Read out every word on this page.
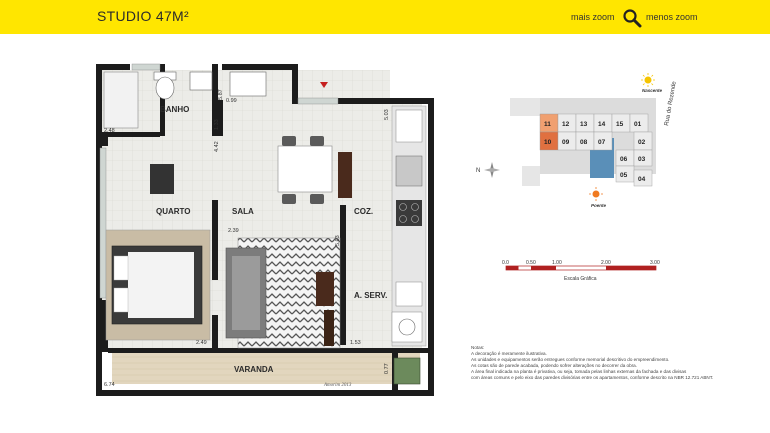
STUDIO 47M²	mais zoom	menos zoom
BANHO
QUARTO	SALA	COZ.
A. SERV.
VARANDA
5.87
0.99
5.03
2.48
1.33
4.42
2.39
5.03
2.49	1.53
0.77
6.74	Amorim 2013
Nascente
Poente
N
11 12 13 14 15 01
10 09 08 07	02
06 03
05
04
Rua do Rezende
0.0	0.50	1.00	2.00	3.00
Escala Gráfica
Notas:
A decoração é meramente ilustrativa.
As unidades e equipamentos serão entregues conforme memorial descritivo do empreendimento.
As cotas são de parede acabada, podendo sofrer alterações no decorrer da obra.
A área final indicada na planta é privativa, ou seja, tomada pelas linhas externas da fachada e das divisas
com áreas comuns e pelo eixo das paredes divisórias entre os apartamentos, conforme descrito na NBR 12.721 ABNT.
